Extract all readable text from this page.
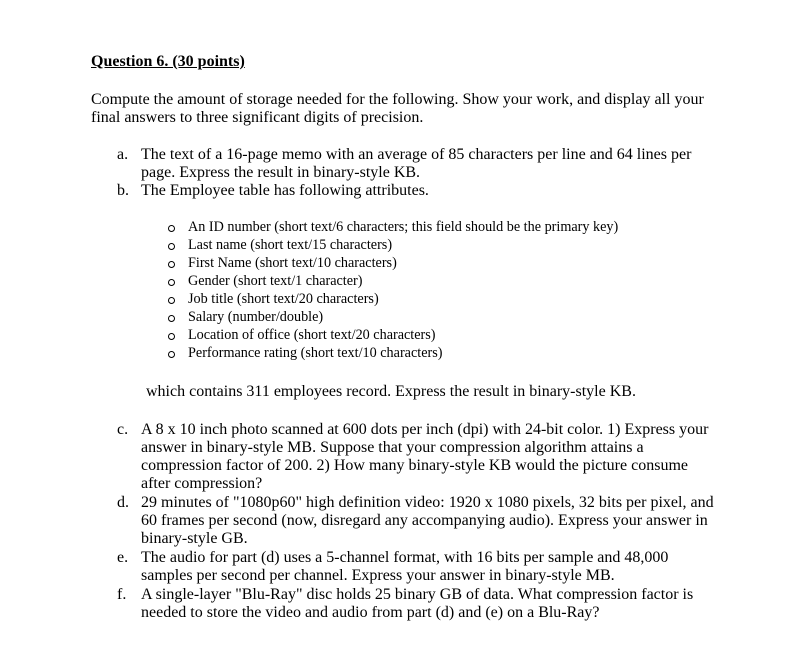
Question 6. (30 points)
Compute the amount of storage needed for the following. Show your work, and display all your
final answers to three significant digits of precision.
a. The text of a 16-page memo with an average of 85 characters per line and 64 lines per
page. Express the result in binary-style KB.
b. The Employee table has following attributes.
An ID number (short text/6 characters; this field should be the primary key)
Last name (short text/15 characters)
First Name (short text/10 characters)
Gender (short text/1 character)
Job title (short text/20 characters)
Salary (number/double)
Location of office (short text/20 characters)
Performance rating (short text/10 characters)
which contains 311 employees record. Express the result in binary-style KB.
c. A 8 x 10 inch photo scanned at 600 dots per inch (dpi) with 24-bit color. 1) Express your
answer in binary-style MB. Suppose that your compression algorithm attains a
compression factor of 200. 2) How many binary-style KB would the picture consume
after compression?
d. 29 minutes of "1080p60" high definition video: 1920 x 1080 pixels, 32 bits per pixel, and
60 frames per second (now, disregard any accompanying audio). Express your answer in
binary-style GB.
e. The audio for part (d) uses a 5-channel format, with 16 bits per sample and 48,000
samples per second per channel. Express your answer in binary-style MB.
f. A single-layer "Blu-Ray" disc holds 25 binary GB of data. What compression factor is
needed to store the video and audio from part (d) and (e) on a Blu-Ray?
